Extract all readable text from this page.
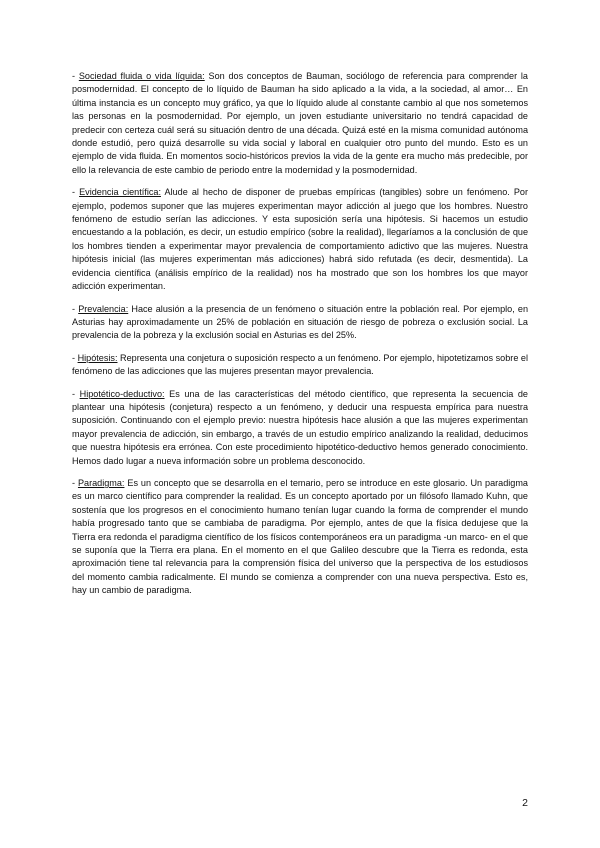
- Sociedad fluida o vida líquida: Son dos conceptos de Bauman, sociólogo de referencia para comprender la posmodernidad. El concepto de lo líquido de Bauman ha sido aplicado a la vida, a la sociedad, al amor… En última instancia es un concepto muy gráfico, ya que lo líquido alude al constante cambio al que nos sometemos las personas en la posmodernidad. Por ejemplo, un joven estudiante universitario no tendrá capacidad de predecir con certeza cuál será su situación dentro de una década. Quizá esté en la misma comunidad autónoma donde estudió, pero quizá desarrolle su vida social y laboral en cualquier otro punto del mundo. Esto es un ejemplo de vida fluida. En momentos socio-históricos previos la vida de la gente era mucho más predecible, por ello la relevancia de este cambio de periodo entre la modernidad y la posmodernidad.

- Evidencia científica: Alude al hecho de disponer de pruebas empíricas (tangibles) sobre un fenómeno. Por ejemplo, podemos suponer que las mujeres experimentan mayor adicción al juego que los hombres. Nuestro fenómeno de estudio serían las adicciones. Y esta suposición sería una hipótesis. Si hacemos un estudio encuestando a la población, es decir, un estudio empírico (sobre la realidad), llegaríamos a la conclusión de que los hombres tienden a experimentar mayor prevalencia de comportamiento adictivo que las mujeres. Nuestra hipótesis inicial (las mujeres experimentan más adicciones) habrá sido refutada (es decir, desmentida). La evidencia científica (análisis empírico de la realidad) nos ha mostrado que son los hombres los que mayor adicción experimentan.

- Prevalencia: Hace alusión a la presencia de un fenómeno o situación entre la población real. Por ejemplo, en Asturias hay aproximadamente un 25% de población en situación de riesgo de pobreza o exclusión social. La prevalencia de la pobreza y la exclusión social en Asturias es del 25%.

- Hipótesis: Representa una conjetura o suposición respecto a un fenómeno. Por ejemplo, hipotetizamos sobre el fenómeno de las adicciones que las mujeres presentan mayor prevalencia.

- Hipotético-deductivo: Es una de las características del método científico, que representa la secuencia de plantear una hipótesis (conjetura) respecto a un fenómeno, y deducir una respuesta empírica para nuestra suposición. Continuando con el ejemplo previo: nuestra hipótesis hace alusión a que las mujeres experimentan mayor prevalencia de adicción, sin embargo, a través de un estudio empírico analizando la realidad, deducimos que nuestra hipótesis era errónea. Con este procedimiento hipotético-deductivo hemos generado conocimiento. Hemos dado lugar a nueva información sobre un problema desconocido.

- Paradigma: Es un concepto que se desarrolla en el temario, pero se introduce en este glosario. Un paradigma es un marco científico para comprender la realidad. Es un concepto aportado por un filósofo llamado Kuhn, que sostenía que los progresos en el conocimiento humano tenían lugar cuando la forma de comprender el mundo había progresado tanto que se cambiaba de paradigma. Por ejemplo, antes de que la física dedujese que la Tierra era redonda el paradigma científico de los físicos contemporáneos era un paradigma -un marco- en el que se suponía que la Tierra era plana. En el momento en el que Galileo descubre que la Tierra es redonda, esta aproximación tiene tal relevancia para la comprensión física del universo que la perspectiva de los estudiosos del momento cambia radicalmente. El mundo se comienza a comprender con una nueva perspectiva. Esto es, hay un cambio de paradigma.

2
